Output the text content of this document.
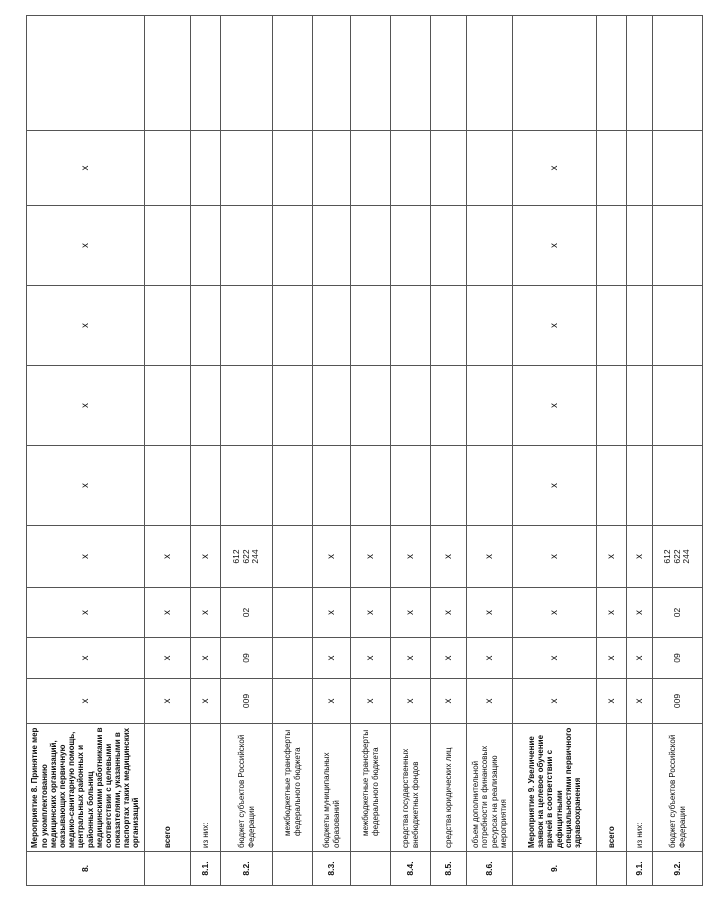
8.	Мероприятие 8. Принятие мер по укомплектованию медицинских организаций, оказывающих первичную медико-санитарную помощь, центральных районных и районных больниц медицинскими работниками в соответствии с целевыми показателями, указанными в паспортах таких медицинских организаций	х	х	х	х	х	х	х	х	х	
	всего	х	х	х	х						
8.1.	из них:	х	х	х	х						
8.2.	бюджет субъектов Российской Федерации	009	09	02	612 622 244						

	межбюджетные трансферты федерального бюджета										

8.3.	бюджеты муниципальных образований	х	х	х	х						

	межбюджетные трансферты федерального бюджета	х	х	х	х						
8.4.	средства государственных внебюджетных фондов	х	х	х	х						
8.5.	средства юридических лиц	х	х	х	х						
8.6.	объем дополнительной потребности в финансовых ресурсах на реализацию мероприятия	х	х	х	х						
9.	Мероприятие 9. Увеличение заявок на целевое обучение врачей в соответствии с дефицитными специальностями первичного здравоохранения	х	х	х	х	х	х	х	х	х	
	всего	х	х	х	х						
9.1.	из них:	х	х	х	х						
9.2.	бюджет субъектов Российской Федерации	009	09	02	612 622 244						
